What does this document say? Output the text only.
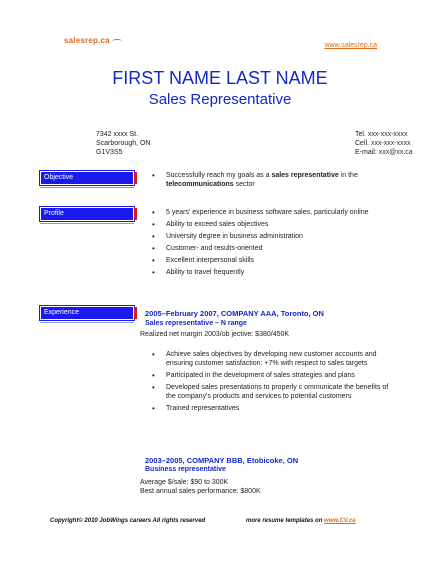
salesrep.ca
www.salesrep.ca
FIRST NAME LAST NAME
Sales Representative
7342 xxxx St.
Scarborough, ON
G1V3S5
Tel. xxx-xxx-xxxx
Cell. xxx-xxx-xxxx
E-mail: xxx@xx.ca
Objective	• Successfully reach my goals as a sales representative in the telecommunications sector
Profile	• 5 years' experience in business software sales, particularly online
• Ability to exceed sales objectives
• University degree in business administration
• Customer- and results-oriented
• Excellent interpersonal skills
• Ability to travel frequently
Experience	2005–February 2007, COMPANY AAA, Toronto, ON
Sales representative – N range
Realized net margin 2003/ob jective: $380/450K
• Achieve sales objectives by developing new customer accounts and ensuring customer satisfaction: +7% with respect to sales targets
• Participated in the development of sales strategies and plans
• Developed sales presentations to properly c ommunicate the benefits of the company's products and services to potential customers
• Trained representatives
2003–2005, COMPANY BBB, Etobicoke, ON
Business representative
Average $/sale: $90 to 300K
Best annual sales performance: $800K
Copyright© 2010 JobWings careers All rights reserved	more resume templates on www.CV.ca
